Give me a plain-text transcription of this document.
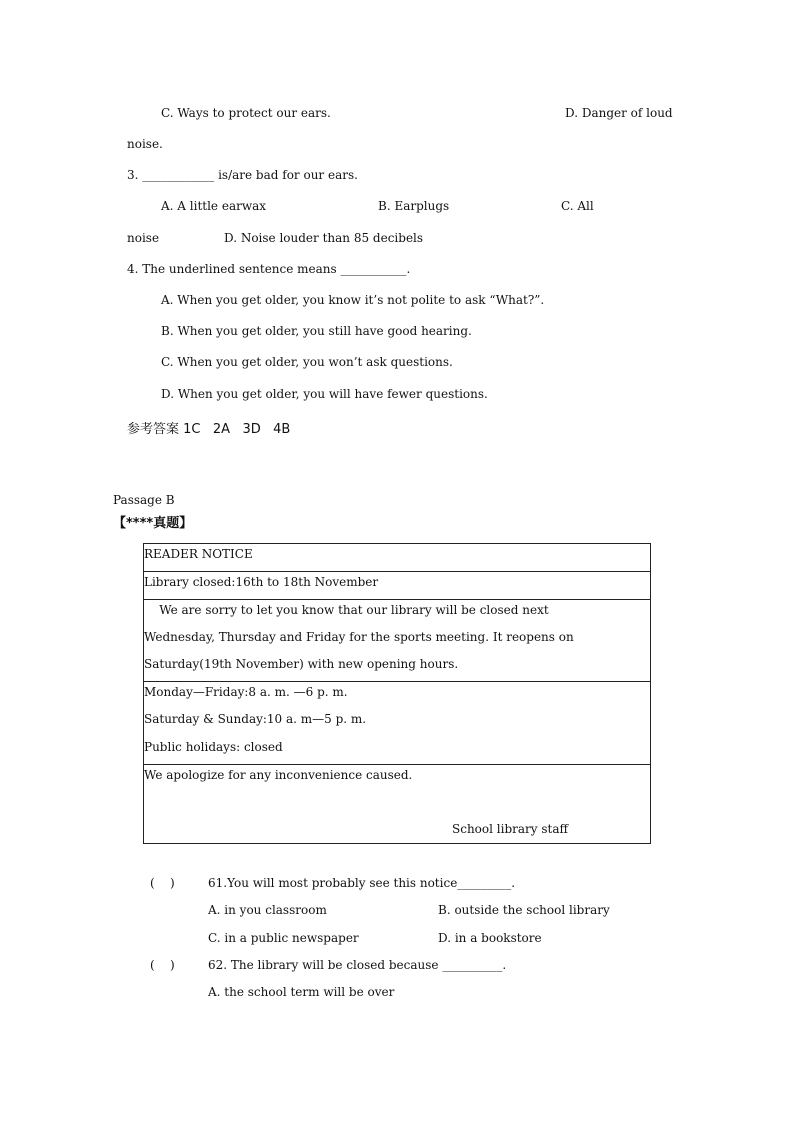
C. Ways to protect our ears.	D. Danger of loud
noise.
3. ____________ is/are bad for our ears.
A. A little earwax	B. Earplugs	C. All
noise	D. Noise louder than 85 decibels
4. The underlined sentence means ___________.
A. When you get older, you know it’s not polite to ask “What?”.
B. When you get older, you still have good hearing.
C. When you get older, you won’t ask questions.
D. When you get older, you will have fewer questions.
参考答案 1C   2A   3D   4B
Passage B
【****真题】
READER NOTICE
Library closed:16th to 18th November
We are sorry to let you know that our library will be closed next
Wednesday, Thursday and Friday for the sports meeting. It reopens on
Saturday(19th November) with new opening hours.
Monday—Friday:8 a. m. —6 p. m.
Saturday & Sunday:10 a. m—5 p. m.
Public holidays: closed
We apologize for any inconvenience caused.
School library staff
(    )	61.You will most probably see this notice_________.
A. in you classroom	B. outside the school library
C. in a public newspaper	D. in a bookstore
(    )	62. The library will be closed because __________.
A. the school term will be over
